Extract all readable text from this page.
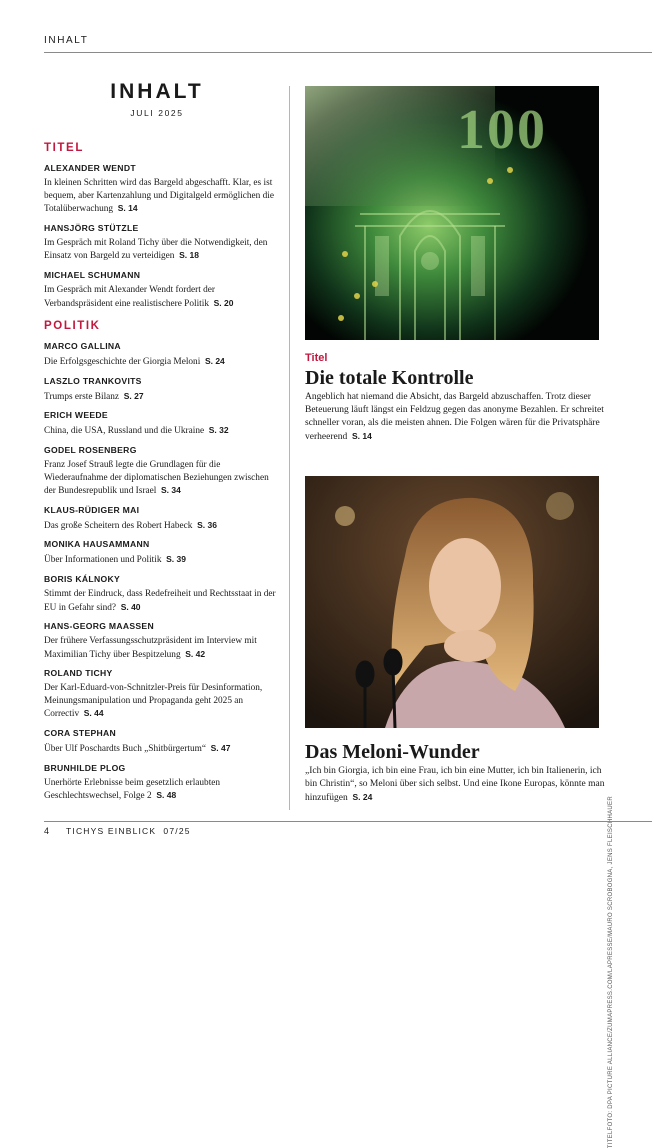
INHALT
INHALT
JULI 2025
TITEL
ALEXANDER WENDT
In kleinen Schritten wird das Bargeld abgeschafft. Klar, es ist bequem, aber Kartenzahlung und Digitalgeld ermöglichen die Totalüberwachung S. 14
HANSJÖRG STÜTZLE
Im Gespräch mit Roland Tichy über die Notwendigkeit, den Einsatz von Bargeld zu verteidigen S. 18
MICHAEL SCHUMANN
Im Gespräch mit Alexander Wendt fordert der Verbandspräsident eine realistischere Politik S. 20
POLITIK
MARCO GALLINA
Die Erfolgsgeschichte der Giorgia Meloni S. 24
LASZLO TRANKOVITS
Trumps erste Bilanz S. 27
ERICH WEEDE
China, die USA, Russland und die Ukraine S. 32
GODEL ROSENBERG
Franz Josef Strauß legte die Grundlagen für die Wiederaufnahme der diplomatischen Beziehungen zwischen der Bundesrepublik und Israel S. 34
KLAUS-RÜDIGER MAI
Das große Scheitern des Robert Habeck S. 36
MONIKA HAUSAMMANN
Über Informationen und Politik S. 39
BORIS KÁLNOKY
Stimmt der Eindruck, dass Redefreiheit und Rechtsstaat in der EU in Gefahr sind? S. 40
HANS-GEORG MAASSEN
Der frühere Verfassungsschutzpräsident im Interview mit Maximilian Tichy über Bespitzelung S. 42
ROLAND TICHY
Der Karl-Eduard-von-Schnitzler-Preis für Desinformation, Meinungsmanipulation und Propaganda geht 2025 an Correctiv S. 44
CORA STEPHAN
Über Ulf Poschardts Buch „Shitbürgertum“ S. 47
BRUNHILDE PLOG
Unerhörte Erlebnisse beim gesetzlich erlaubten Geschlechtswechsel, Folge 2 S. 48
100
Titel
Die totale Kontrolle
Angeblich hat niemand die Absicht, das Bargeld abzuschaffen. Trotz dieser Beteuerung läuft längst ein Feldzug gegen das anonyme Bezahlen. Er schreitet schneller voran, als die meisten ahnen. Die Folgen wären für die Privatsphäre verheerend S. 14
Das Meloni-Wunder
„Ich bin Giorgia, ich bin eine Frau, ich bin eine Mutter, ich bin Italienerin, ich bin Christin“, so Meloni über sich selbst. Und eine Ikone Europas, könnte man hinzufügen S. 24	TITELFOTO: DPA PICTURE ALLIANCE/ZUMAPRESS.COM/LAPRESSE/MAURO SCROBOGNA, JENS FLEISCHHAUER
4 TICHYS EINBLICK 07/25
